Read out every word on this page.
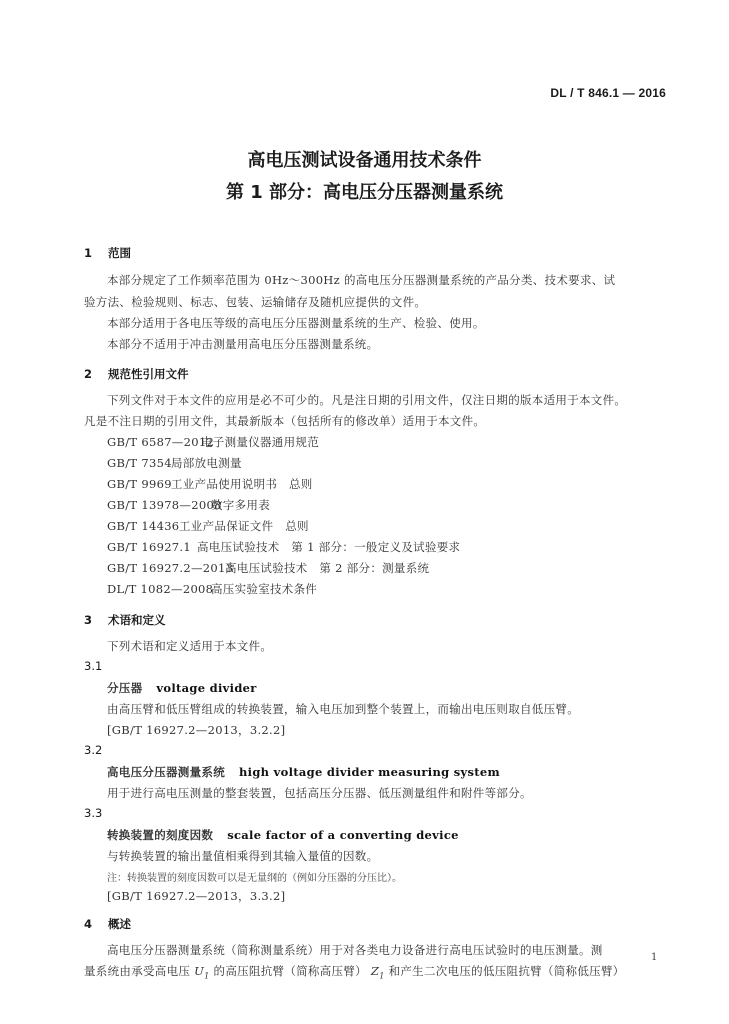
DL / T 846.1 — 2016
高电压测试设备通用技术条件
第 1 部分：高电压分压器测量系统
1 范围
本部分规定了工作频率范围为 0Hz～300Hz 的高电压分压器测量系统的产品分类、技术要求、试
验方法、检验规则、标志、包装、运输储存及随机应提供的文件。
本部分适用于各电压等级的高电压分压器测量系统的生产、检验、使用。
本部分不适用于冲击测量用高电压分压器测量系统。
2 规范性引用文件
下列文件对于本文件的应用是必不可少的。凡是注日期的引用文件，仅注日期的版本适用于本文件。
凡是不注日期的引用文件，其最新版本（包括所有的修改单）适用于本文件。
GB/T 6587—2012电子测量仪器通用规范
GB/T 7354局部放电测量
GB/T 9969工业产品使用说明书　总则
GB/T 13978—2008数字多用表
GB/T 14436工业产品保证文件　总则
GB/T 16927.1 高电压试验技术　第 1 部分：一般定义及试验要求
GB/T 16927.2—2013高电压试验技术　第 2 部分：测量系统
DL/T 1082—2008高压实验室技术条件
3 术语和定义
下列术语和定义适用于本文件。
3.1
分压器 voltage divider
由高压臂和低压臂组成的转换装置，输入电压加到整个装置上，而输出电压则取自低压臂。
[GB/T 16927.2—2013，3.2.2]
3.2
高电压分压器测量系统 high voltage divider measuring system
用于进行高电压测量的整套装置，包括高压分压器、低压测量组件和附件等部分。
3.3
转换装置的刻度因数 scale factor of a converting device
与转换装置的输出量值相乘得到其输入量值的因数。
注：转换装置的刻度因数可以是无量纲的（例如分压器的分压比）。
[GB/T 16927.2—2013，3.3.2]
4 概述
高电压分压器测量系统（简称测量系统）用于对各类电力设备进行高电压试验时的电压测量。测
量系统由承受高电压 $U_1$ 的高压阻抗臂（简称高压臂） $Z_1$ 和产生二次电压的低压阻抗臂（简称低压臂）
1
